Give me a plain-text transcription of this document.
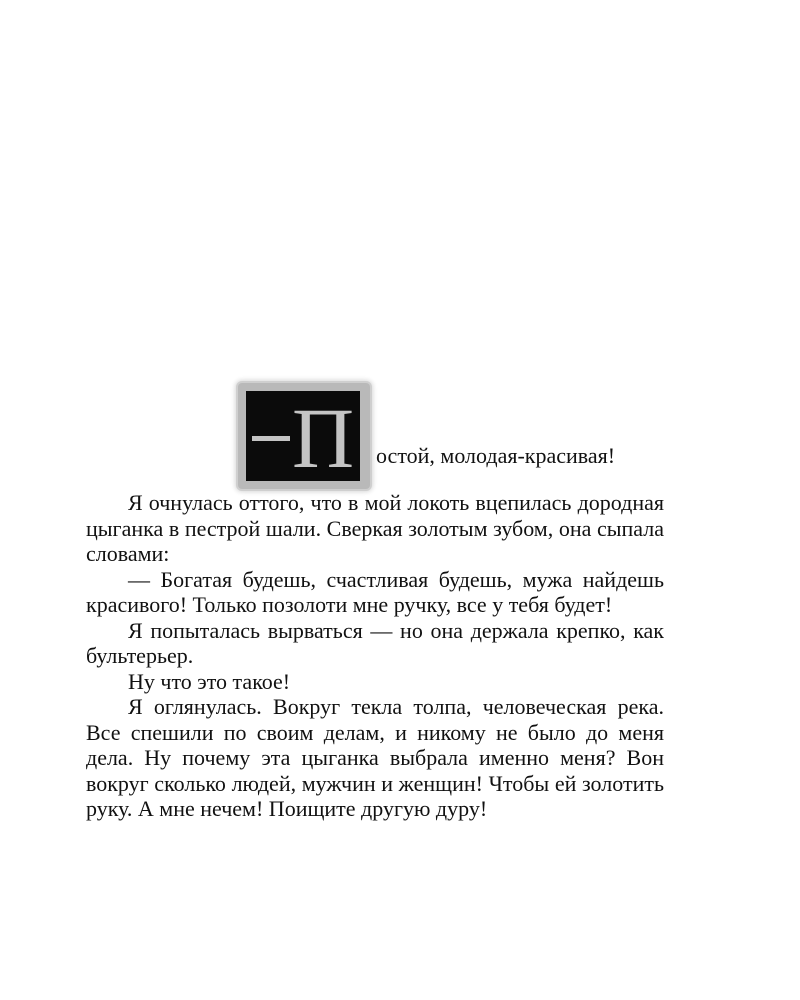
П остой, молодая-красивая!

Я очнулась оттого, что в мой локоть вцепилась дородная цыганка в пестрой шали. Сверкая золотым зубом, она сыпала словами:

— Богатая будешь, счастливая будешь, мужа найдешь красивого! Только позолоти мне ручку, все у тебя будет!

Я попыталась вырваться — но она держала крепко, как бультерьер.

Ну что это такое!

Я оглянулась. Вокруг текла толпа, человеческая река. Все спешили по своим делам, и никому не было до меня дела. Ну почему эта цыганка выбрала именно меня? Вон вокруг сколько людей, мужчин и женщин! Чтобы ей золотить руку. А мне нечем! Поищите другую дуру!
